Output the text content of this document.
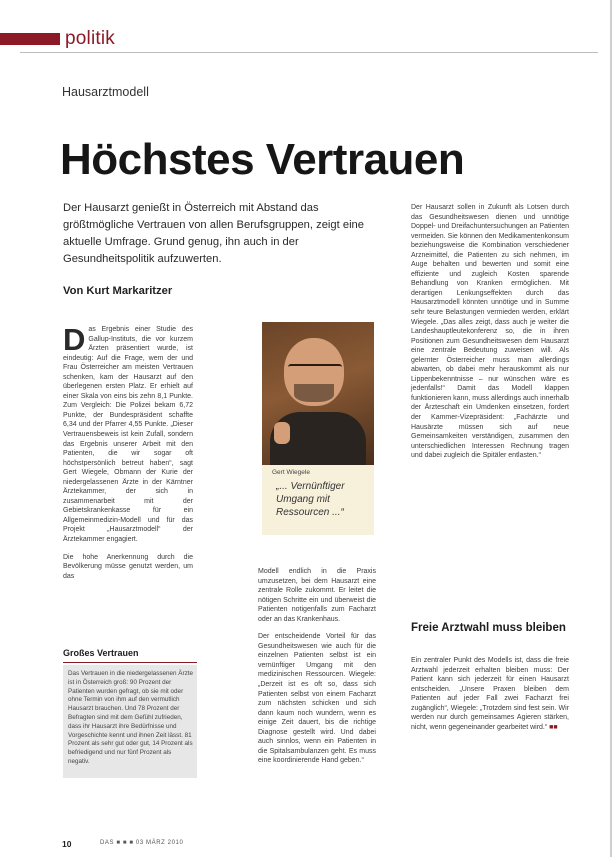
politik
Hausarztmodell
Höchstes Vertrauen
Der Hausarzt genießt in Österreich mit Abstand das größtmögliche Vertrauen von allen Berufsgruppen, zeigt eine aktuelle Umfrage. Grund genug, ihn auch in der Gesundheitspolitik aufzuwerten.
Von Kurt Markaritzer

Das Ergebnis einer Studie des Gallup-Instituts, die vor kurzem Ärzten präsentiert wurde, ist eindeutig: Auf die Frage, wem der und Frau Österreicher am meisten Vertrauen schenken, kam der Hausarzt auf den überlegenen ersten Platz. Er erhielt auf einer Skala von eins bis zehn 8,1 Punkte. Zum Vergleich: Die Polizei bekam 6,72 Punkte, der Bundespräsident schaffte 6,34 und der Pfarrer 4,55 Punkte. „Dieser Vertrauensbeweis ist kein Zufall, sondern das Ergebnis unserer Arbeit mit den Patienten, die wir sogar oft höchstpersönlich betreut haben“, sagt Gert Wiegele, Obmann der Kurie der niedergelassenen Ärzte in der Kärntner Ärztekammer, der sich in zusammenarbeit mit der Gebietskrankenkasse für ein Allgemeinmedizin-Modell und für das Projekt „Hausarztmodell“ der Ärztekammer engagiert.

Die hohe Anerkennung durch die Bevölkerung müsse genutzt werden, um das

Gert Wiegele
„... Vernünftiger Umgang mit Ressourcen ...“

Modell endlich in die Praxis umzusetzen, bei dem Hausarzt eine zentrale Rolle zukommt. Er leitet die nötigen Schritte ein und überweist die Patienten notigenfalls zum Facharzt oder an das Krankenhaus.

Der entscheidende Vorteil für das Gesundheitswesen wie auch für die einzelnen Patienten selbst ist ein vernünftiger Umgang mit den medizinischen Ressourcen. Wiegele: „Derzeit ist es oft so, dass sich Patienten selbst von einem Facharzt zum nächsten schicken und sich dann kaum noch wundern, wenn es einige Zeit dauert, bis die richtige Diagnose gestellt wird. Und dabei auch sinnlos, wenn ein Patienten in die Spitalsambulanzen geht. Es muss eine koordinierende Hand geben.“

Der Hausarzt sollen in Zukunft als Lotsen durch das Gesundheitswesen dienen und unnötige Doppel- und Dreifachuntersuchungen an Patienten vermeiden. Sie können den Medikamentenkonsum beziehungsweise die Kombination verschiedener Arzneimittel, die Patienten zu sich nehmen, im Auge behalten und bewerten und somit eine effiziente und zugleich Kosten sparende Behandlung von Kranken ermöglichen. Mit derartigen Lenkungseffekten durch das Hausarztmodell könnten unnötige und in Summe sehr teure Belastungen vermieden werden, erklärt Wiegele. „Das alles zeigt, dass auch je weiter die Landeshauptleutekonferenz so, die in ihren Positionen zum Gesundheitswesen dem Hausarzt eine zentrale Bedeutung zuweisen will. Als gelernter Österreicher muss man allerdings abwarten, ob dabei mehr herauskommt als nur Lippenbekenntnisse – nur wünschen wäre es jedenfalls!“ Damit das Modell klappen funktionieren kann, muss allerdings auch innerhalb der Ärzteschaft ein Umdenken einsetzen, fordert der Kammer-Vizepräsident: „Fachärzte und Hausärzte müssen sich auf neue Gemeinsamkeiten verständigen, zusammen den unterschiedlichen Interessen Rechnung tragen und dabei zugleich die Spitäler entlasten.“

Freie Arztwahl muss bleiben

Ein zentraler Punkt des Modells ist, dass die freie Arztwahl jederzeit erhalten bleiben muss: Der Patient kann sich jederzeit für einen Hausarzt entscheiden. „Unsere Praxen bleiben dem Patienten auf jeder Fall zwei Facharzt frei zugänglich“, Wiegele: „Trotzdem sind fest sein. Wir werden nur durch gemeinsames Agieren stärken, nicht, wenn gegeneinander gearbeitet wird.“ ■■

Großes Vertrauen
Das Vertrauen in die niedergelassenen Ärzte ist in Österreich groß: 90 Prozent der Patienten wurden gefragt, ob sie mit oder ohne Termin von ihm auf den vermutlich Hausarzt brauchen. Und 78 Prozent der Befragten sind mit dem Gefühl zufrieden, dass ihr Hausarzt ihre Bedürfnisse und Vorgeschichte kennt und ihnen Zeit lässt. 81 Prozent als sehr gut oder gut, 14 Prozent als befriedigend und nur fünf Prozent als negativ.
10	DAS ■ ■ ■ 03 MÄRZ 2010
